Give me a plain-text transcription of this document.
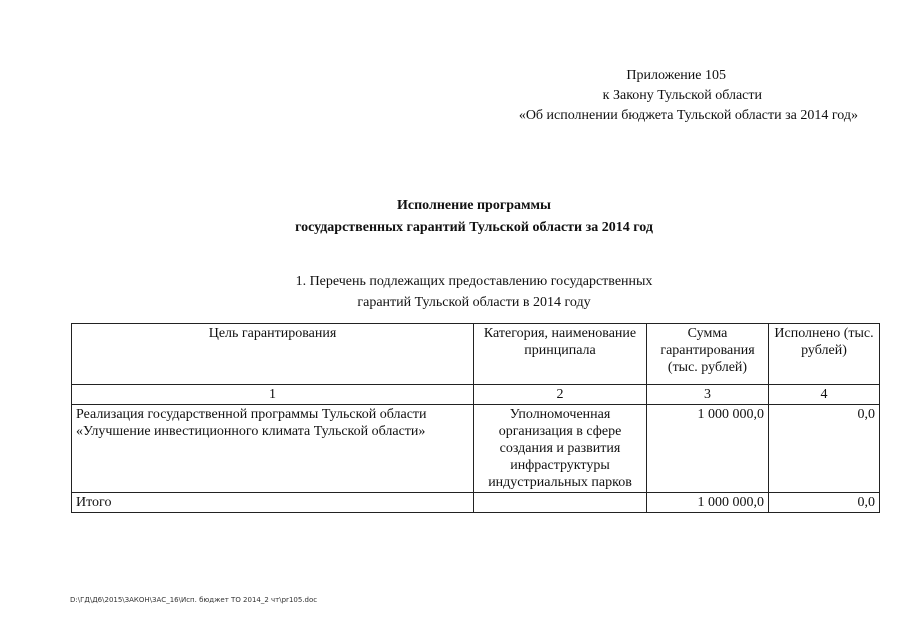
Приложение 105
к Закону Тульской области
«Об исполнении бюджета Тульской области за 2014 год»
Исполнение программы
государственных гарантий Тульской области за 2014 год
1. Перечень подлежащих предоставлению государственных
гарантий Тульской области в 2014 году
Цель гарантирования	Категория, наименование принципала	Сумма гарантирования (тыс. рублей)	Исполнено (тыс. рублей)
1	2	3	4
Реализация государственной программы Тульской области «Улучшение инвестиционного климата Тульской области»	Уполномоченная организация в сфере создания и развития инфраструктуры индустриальных парков	1 000 000,0	0,0
Итого		1 000 000,0	0,0
D:\ГД\Д6\2015\ЗАКОН\ЗАС_16\Исп. бюджет ТО 2014_2 чт\pr105.doc
